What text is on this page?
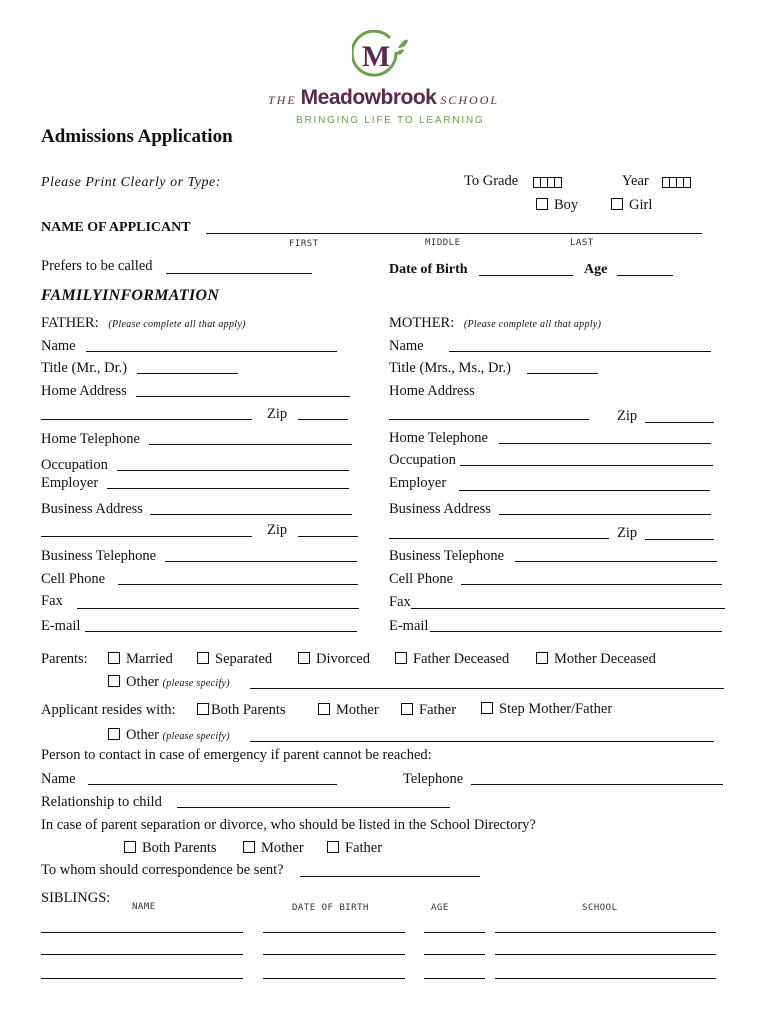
M
THE Meadowbrook SCHOOL
BRINGING LIFE TO LEARNING
Admissions Application
Please Print Clearly or Type:	To Grade	Year
Boy	Girl
NAME OF APPLICANT
FIRST	MIDDLE	LAST
Prefers to be called	Date of Birth	Age
FAMILYINFORMATION
FATHER: (Please complete all that apply)
Name
Title (Mr., Dr.)
Home Address
Zip
Home Telephone
Occupation
Employer
Business Address
Zip
Business Telephone
Cell Phone
Fax
E-mail
MOTHER: (Please complete all that apply)
Name
Title (Mrs., Ms., Dr.)
Home Address
Zip
Home Telephone
Occupation
Employer
Business Address
Zip
Business Telephone
Cell Phone
Fax
E-mail
Parents:	Married	Separated	Divorced	Father Deceased	Mother Deceased
Other (please specify)
Applicant resides with:	Both Parents	Mother	Father	Step Mother/Father
Other (please specify)
Person to contact in case of emergency if parent cannot be reached:
Name	Telephone
Relationship to child
In case of parent separation or divorce, who should be listed in the School Directory?
Both Parents	Mother	Father
To whom should correspondence be sent?
SIBLINGS:
NAME	DATE OF BIRTH	AGE	SCHOOL
